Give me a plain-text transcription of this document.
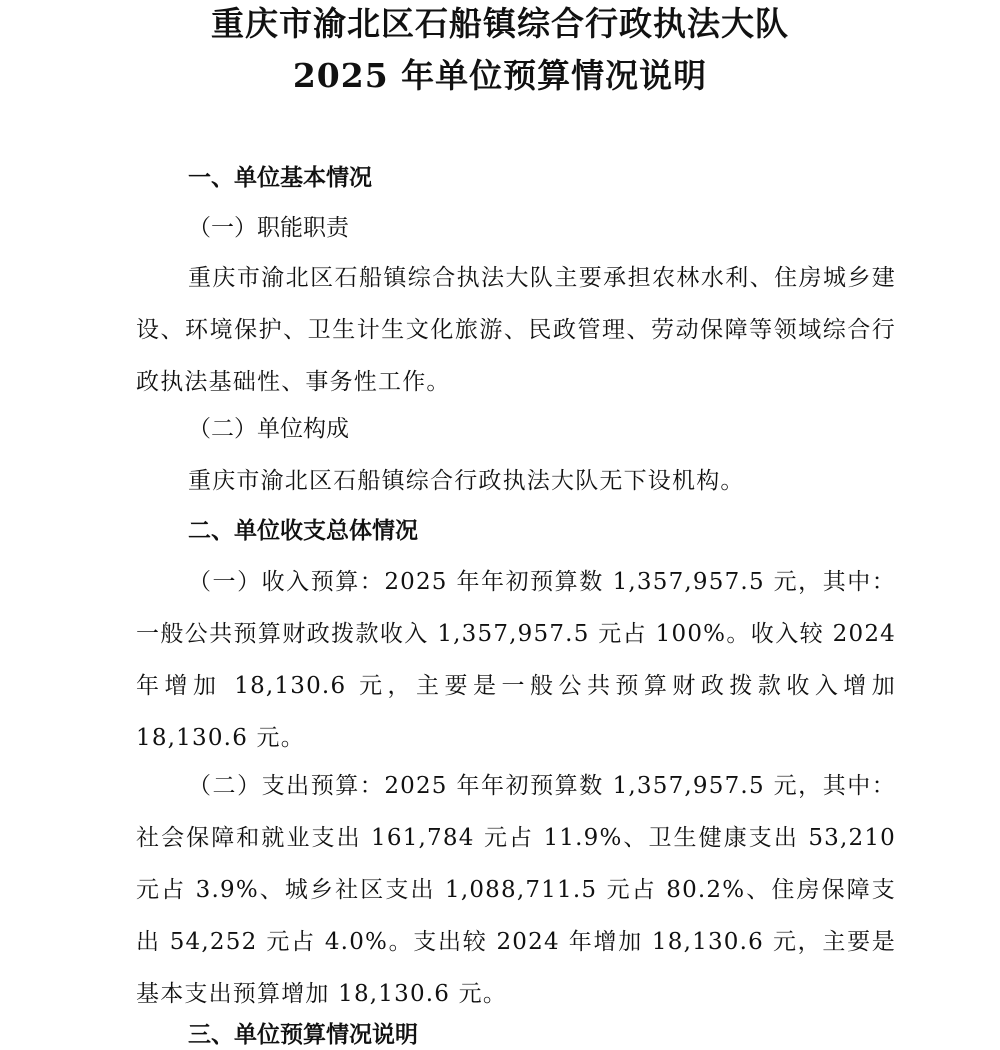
重庆市渝北区石船镇综合行政执法大队
2025 年单位预算情况说明

一、单位基本情况

（一）职能职责

重庆市渝北区石船镇综合执法大队主要承担农林水利、住房城乡建设、环境保护、卫生计生文化旅游、民政管理、劳动保障等领域综合行政执法基础性、事务性工作。

（二）单位构成

重庆市渝北区石船镇综合行政执法大队无下设机构。

二、单位收支总体情况

（一）收入预算：2025 年年初预算数 1,357,957.5 元，其中：一般公共预算财政拨款收入 1,357,957.5 元占 100%。收入较 2024 年增加 18,130.6 元，主要是一般公共预算财政拨款收入增加 18,130.6 元。

（二）支出预算：2025 年年初预算数 1,357,957.5 元，其中：社会保障和就业支出 161,784 元占 11.9%、卫生健康支出 53,210 元占 3.9%、城乡社区支出 1,088,711.5 元占 80.2%、住房保障支出 54,252 元占 4.0%。支出较 2024 年增加 18,130.6 元，主要是基本支出预算增加 18,130.6 元。

三、单位预算情况说明
